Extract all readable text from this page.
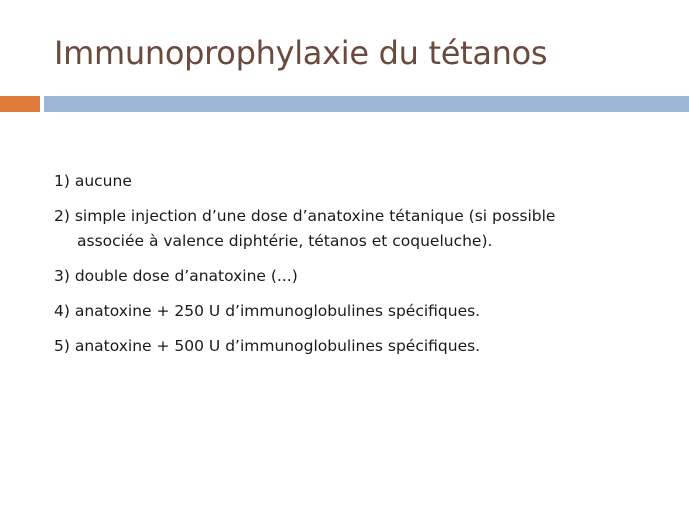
Immunoprophylaxie du tétanos
1) aucune
2) simple injection d’une dose d’anatoxine tétanique (si possible
associée à valence diphtérie, tétanos et coqueluche).
3) double dose d’anatoxine (...)
4) anatoxine + 250 U d’immunoglobulines spécifiques.
5) anatoxine + 500 U d’immunoglobulines spécifiques.
